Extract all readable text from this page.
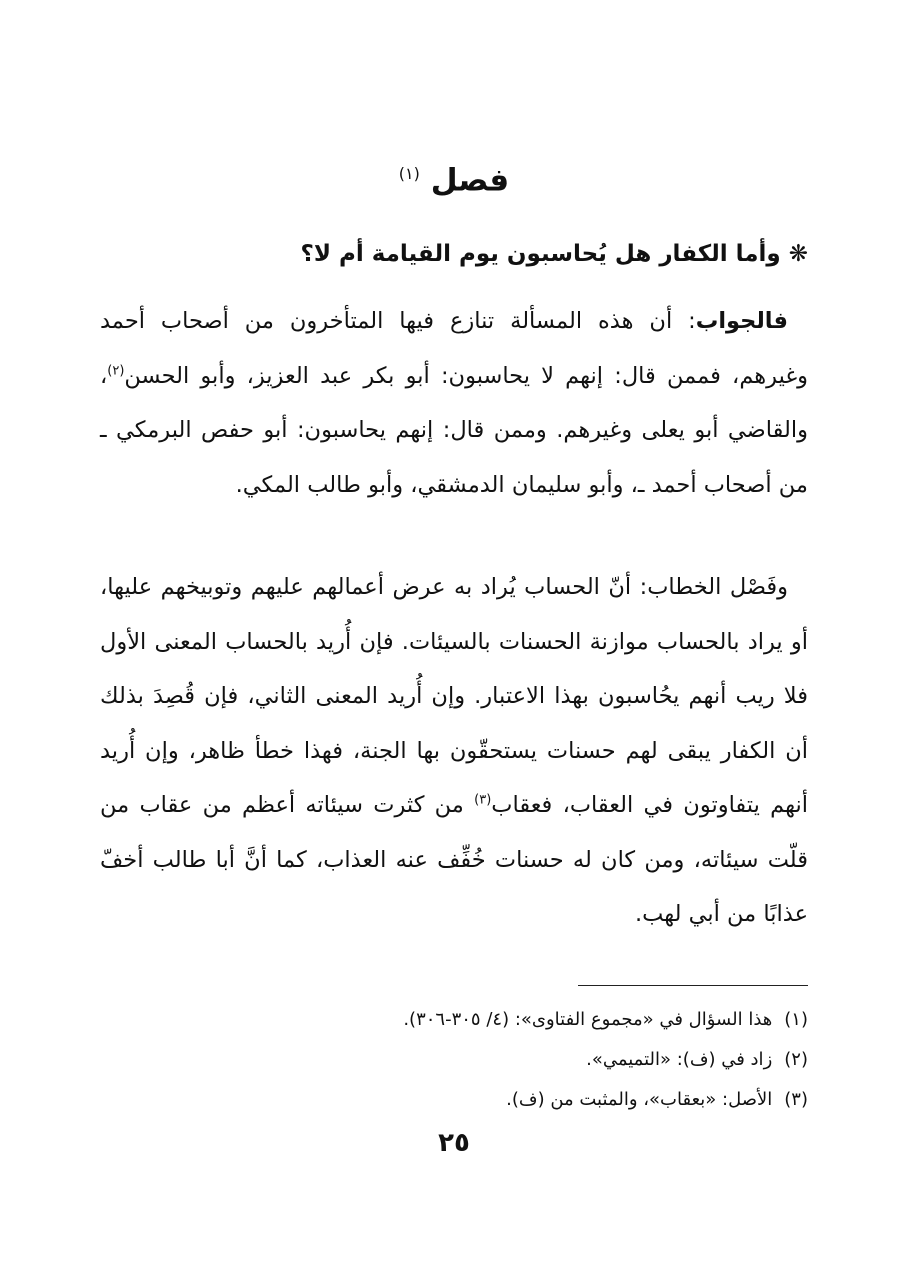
فصل $^{(١)}$
❋ وأما الكفار هل يُحاسبون يوم القيامة أم لا؟

فالجواب: أن هذه المسألة تنازع فيها المتأخرون من أصحاب أحمد وغيرهم، فممن قال: إنهم لا يحاسبون: أبو بكر عبد العزيز، وأبو الحسن$^{(٢)}$، والقاضي أبو يعلى وغيرهم. وممن قال: إنهم يحاسبون: أبو حفص البرمكي ـ من أصحاب أحمد ـ، وأبو سليمان الدمشقي، وأبو طالب المكي.

وفَصْل الخطاب: أنّ الحساب يُراد به عرض أعمالهم عليهم وتوبيخهم عليها، أو يراد بالحساب موازنة الحسنات بالسيئات. فإن أُريد بالحساب المعنى الأول فلا ريب أنهم يحُاسبون بهذا الاعتبار. وإن أُريد المعنى الثاني، فإن قُصِدَ بذلك أن الكفار يبقى لهم حسنات يستحقّون بها الجنة، فهذا خطأ ظاهر، وإن أُريد أنهم يتفاوتون في العقاب، فعقاب$^{(٣)}$ من كثرت سيئاته أعظم من عقاب من قلّت سيئاته، ومن كان له حسنات خُفِّف عنه العذاب، كما أنَّ أبا طالب أخفّ عذابًا من أبي لهب.

(١)هذا السؤال في «مجموع الفتاوى»: (٤/ ٣٠٥-٣٠٦).
(٢)زاد في (ف): «التميمي».
(٣)الأصل: «بعقاب»، والمثبت من (ف).
٢٥
